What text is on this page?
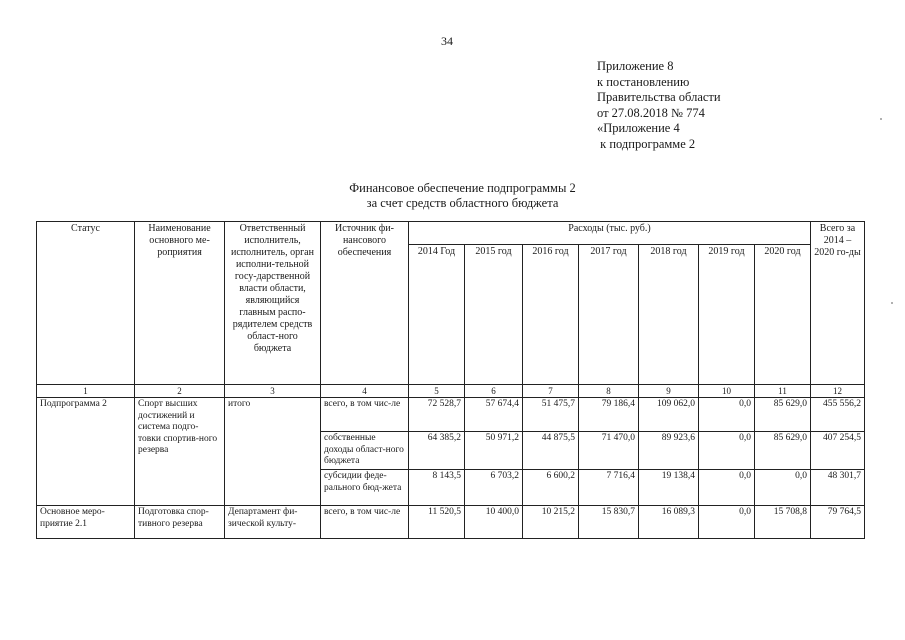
34
Приложение 8
к постановлению
Правительства области
от 27.08.2018 № 774
«Приложение 4
к подпрограмме 2
Финансовое обеспечение подпрограммы 2
за счет средств областного бюджета
Статус	Наименование основного ме-роприятия	Ответственный исполнитель, исполнитель, орган исполни-тельной госу-дарственной власти области, являющийся главным распо-рядителем средств област-ного бюджета	Источник фи-нансового обеспечения	Расходы (тыс. руб.)							Всего за 2014 – 2020 го-ды
				2014 Год	2015 год	2016 год	2017 год	2018 год	2019 год	2020 год	
1	2	3	4	5	6	7	8	9	10	11	12
Подпрограмма 2	Спорт высших достижений и система подго-товки спортив-ного резерва	итого	всего, в том чис-ле	72 528,7	57 674,4	51 475,7	79 186,4	109 062,0	0,0	85 629,0	455 556,2
			собственные доходы област-ного бюджета	64 385,2	50 971,2	44 875,5	71 470,0	89 923,6	0,0	85 629,0	407 254,5
			субсидии феде-рального бюд-жета	8 143,5	6 703,2	6 600,2	7 716,4	19 138,4	0,0	0,0	48 301,7
Основное меро-приятие 2.1	Подготовка спор-тивного резерва	Департамент фи-зической культу-	всего, в том чис-ле	11 520,5	10 400,0	10 215,2	15 830,7	16 089,3	0,0	15 708,8	79 764,5
